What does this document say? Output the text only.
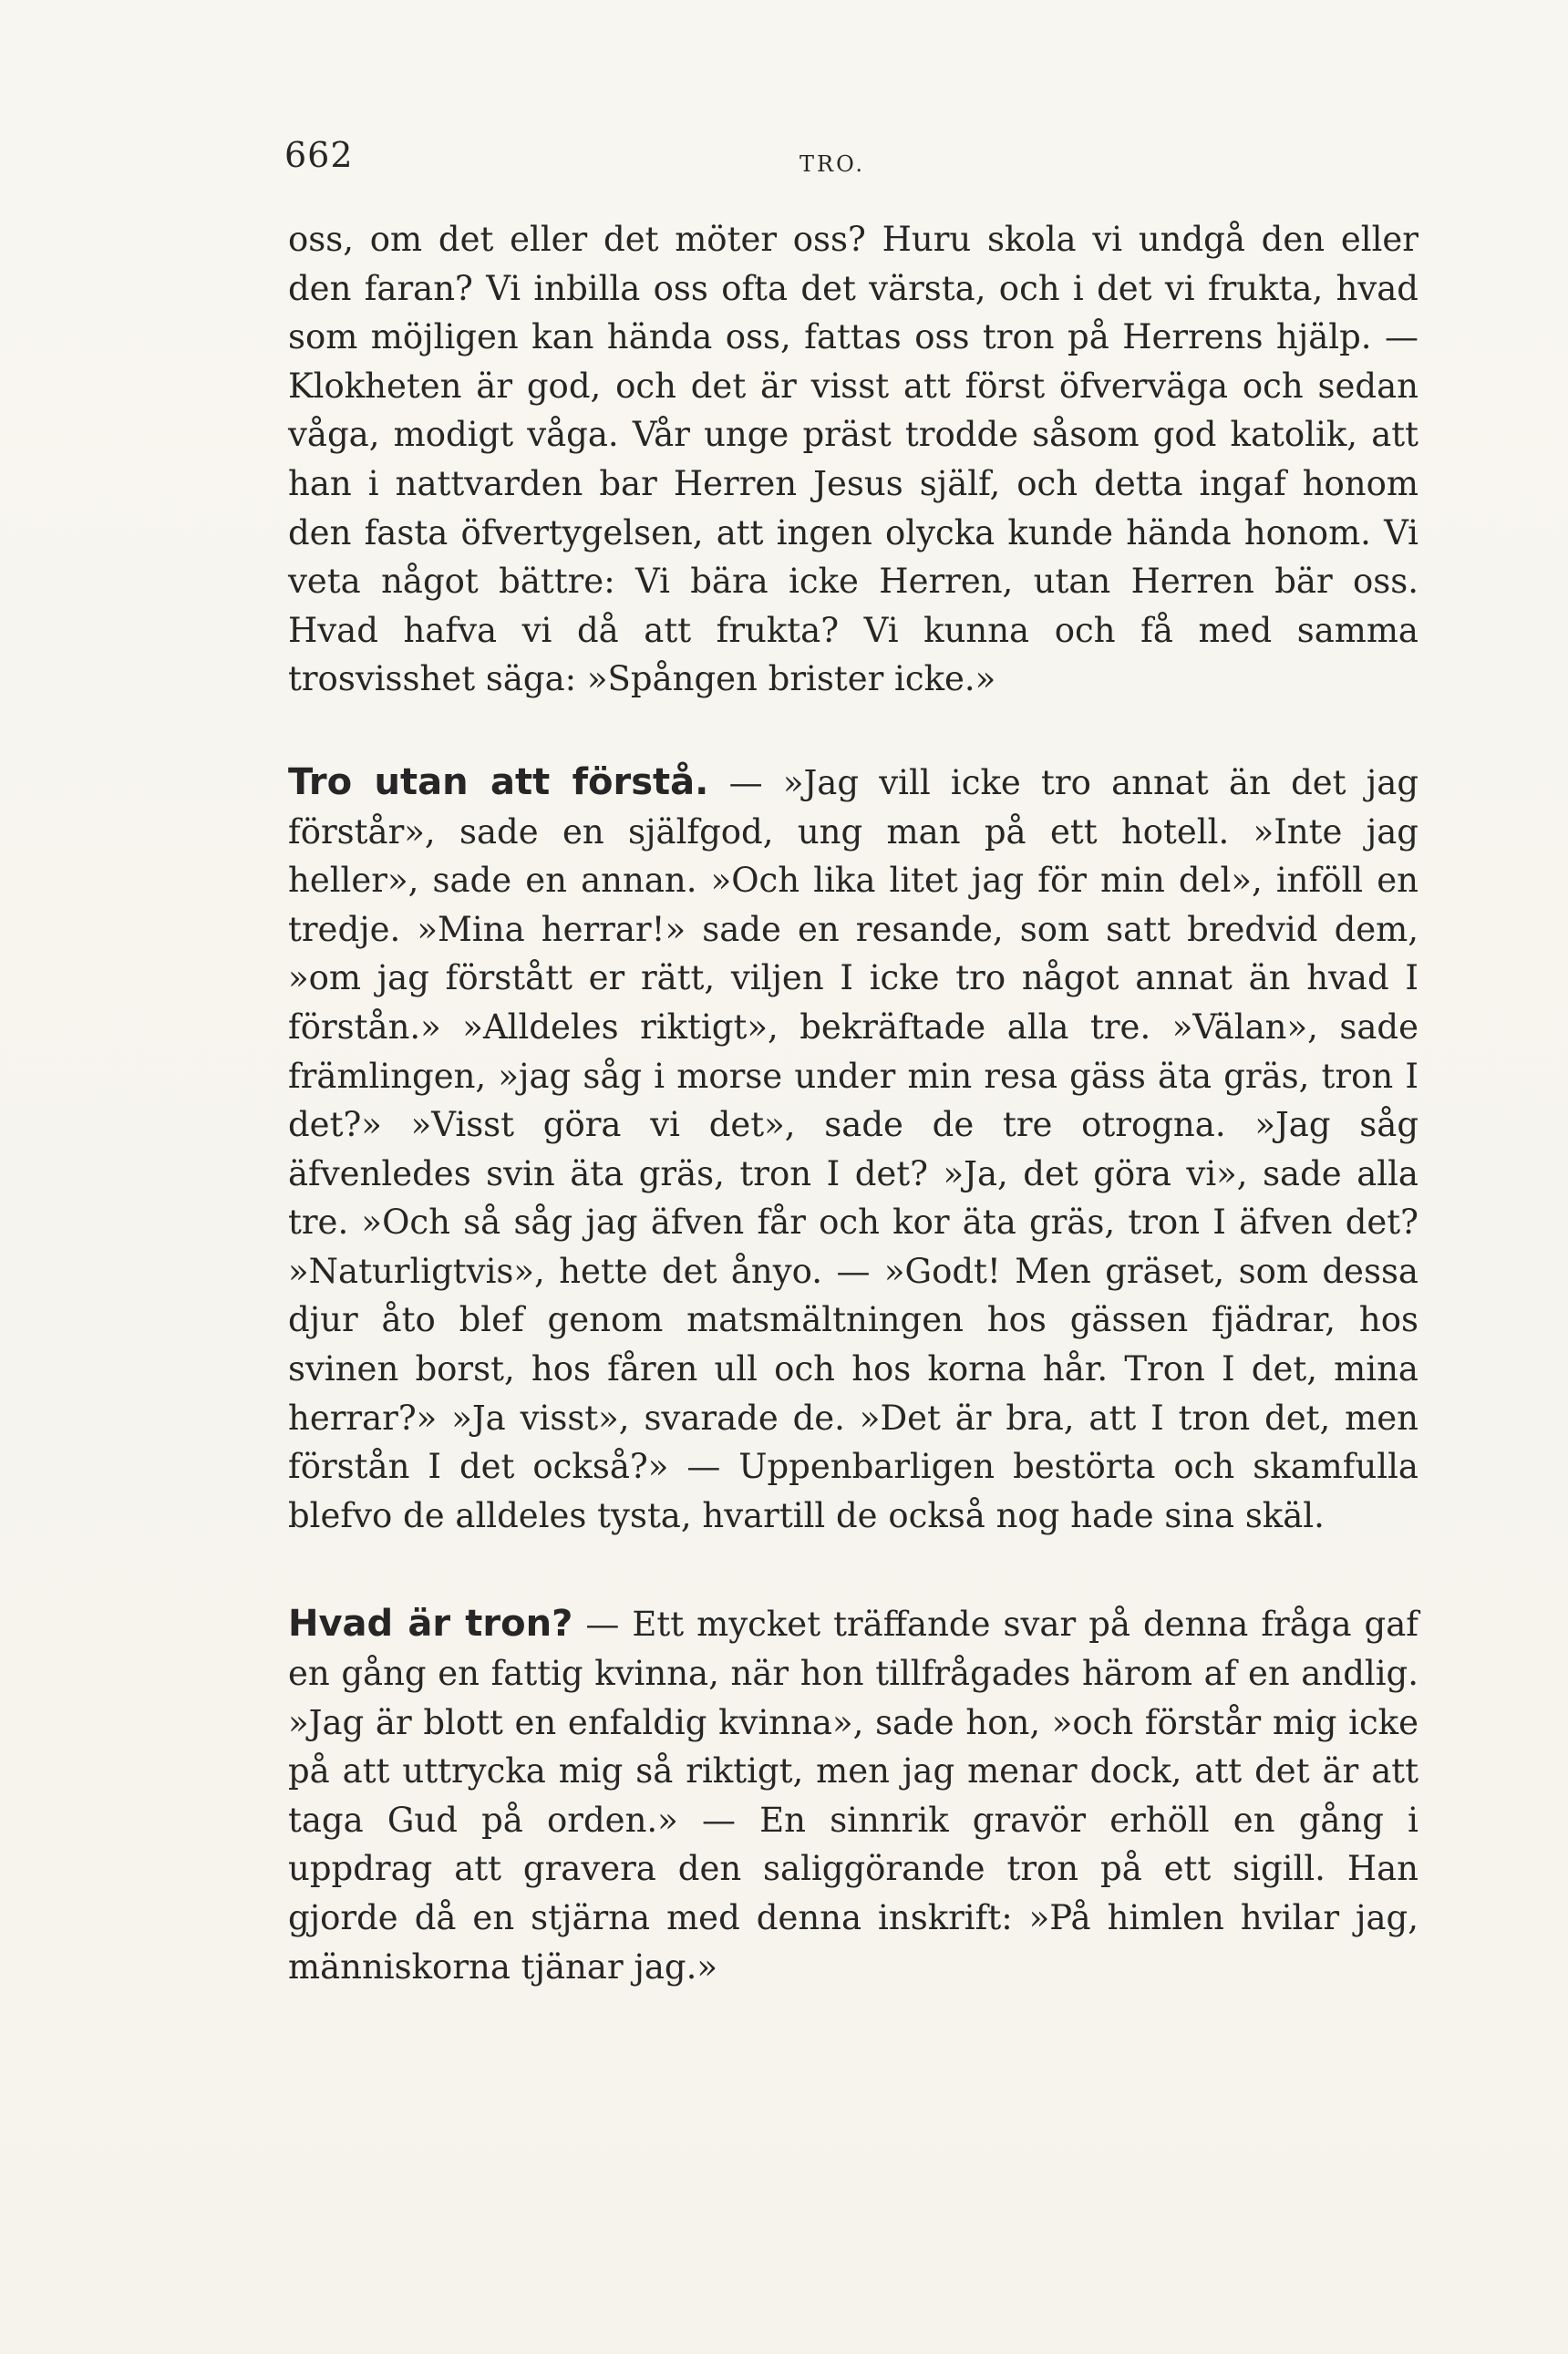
662	TRO.

oss, om det eller det möter oss? Huru skola vi undgå den eller den faran? Vi inbilla oss ofta det värsta, och i det vi frukta, hvad som möjligen kan hända oss, fattas oss tron på Herrens hjälp. — Klokheten är god, och det är visst att först öfverväga och sedan våga, modigt våga. Vår unge präst trodde såsom god katolik, att han i nattvarden bar Herren Jesus själf, och detta ingaf honom den fasta öfvertygelsen, att ingen olycka kunde hända honom. Vi veta något bättre: Vi bära icke Herren, utan Herren bär oss. Hvad hafva vi då att frukta? Vi kunna och få med samma trosvisshet säga: »Spången brister icke.»

Tro utan att förstå. — »Jag vill icke tro annat än det jag förstår», sade en själfgod, ung man på ett hotell. »Inte jag heller», sade en annan. »Och lika litet jag för min del», inföll en tredje. »Mina herrar!» sade en resande, som satt bredvid dem, »om jag förstått er rätt, viljen I icke tro något annat än hvad I förstån.» »Alldeles riktigt», bekräftade alla tre. »Välan», sade främlingen, »jag såg i morse under min resa gäss äta gräs, tron I det?» »Visst göra vi det», sade de tre otrogna. »Jag såg äfvenledes svin äta gräs, tron I det? »Ja, det göra vi», sade alla tre. »Och så såg jag äfven får och kor äta gräs, tron I äfven det? »Naturligtvis», hette det ånyo. — »Godt! Men gräset, som dessa djur åto blef genom matsmältningen hos gässen fjädrar, hos svinen borst, hos fåren ull och hos korna hår. Tron I det, mina herrar?» »Ja visst», svarade de. »Det är bra, att I tron det, men förstån I det också?» — Uppenbarligen bestörta och skamfulla blefvo de alldeles tysta, hvartill de också nog hade sina skäl.

Hvad är tron? — Ett mycket träffande svar på denna fråga gaf en gång en fattig kvinna, när hon tillfrågades härom af en andlig. »Jag är blott en enfaldig kvinna», sade hon, »och förstår mig icke på att uttrycka mig så riktigt, men jag menar dock, att det är att taga Gud på orden.» — En sinnrik gravör erhöll en gång i uppdrag att gravera den saliggörande tron på ett sigill. Han gjorde då en stjärna med denna inskrift: »På himlen hvilar jag, människorna tjänar jag.»
